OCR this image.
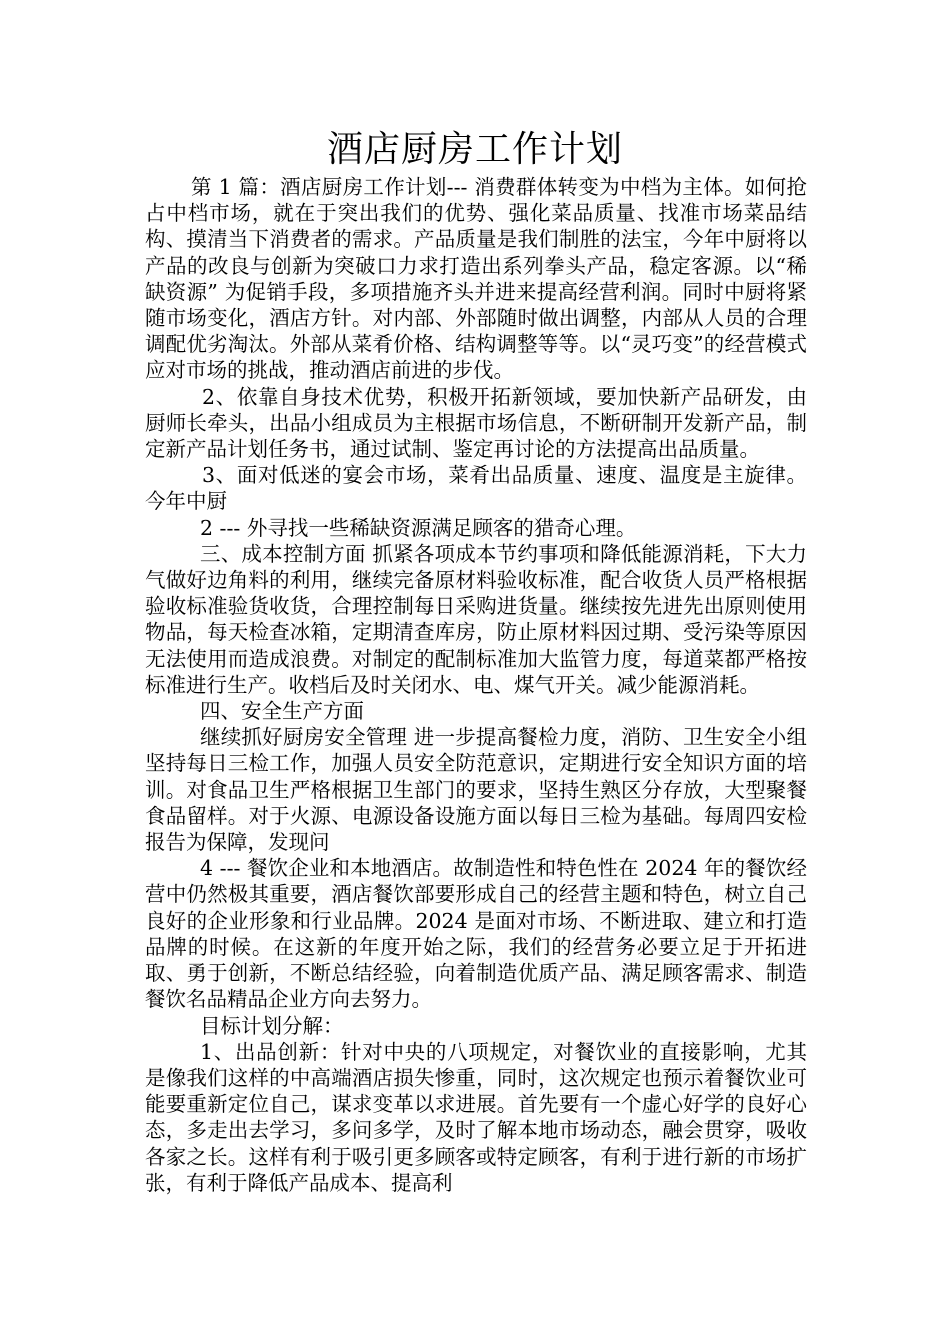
酒店厨房工作计划

第 1 篇：酒店厨房工作计划--- 消费群体转变为中档为主体。如何抢占中档市场，就在于突出我们的优势、强化菜品质量、找准市场菜品结构、摸清当下消费者的需求。产品质量是我们制胜的法宝，今年中厨将以产品的改良与创新为突破口力求打造出系列拳头产品，稳定客源。以“稀缺资源” 为促销手段，多项措施齐头并进来提高经营利润。同时中厨将紧随市场变化，酒店方针。对内部、外部随时做出调整，内部从人员的合理调配优劣淘汰。外部从菜肴价格、结构调整等等。以“灵巧变”的经营模式应对市场的挑战，推动酒店前进的步伐。

2、依靠自身技术优势，积极开拓新领域，要加快新产品研发，由厨师长牵头，出品小组成员为主根据市场信息，不断研制开发新产品，制定新产品计划任务书，通过试制、鉴定再讨论的方法提高出品质量。

3、面对低迷的宴会市场，菜肴出品质量、速度、温度是主旋律。今年中厨

2 --- 外寻找一些稀缺资源满足顾客的猎奇心理。

三、成本控制方面 抓紧各项成本节约事项和降低能源消耗，下大力气做好边角料的利用，继续完备原材料验收标准，配合收货人员严格根据验收标准验货收货，合理控制每日采购进货量。继续按先进先出原则使用物品，每天检查冰箱，定期清查库房，防止原材料因过期、受污染等原因无法使用而造成浪费。对制定的配制标准加大监管力度，每道菜都严格按标准进行生产。收档后及时关闭水、电、煤气开关。减少能源消耗。

四、安全生产方面

继续抓好厨房安全管理 进一步提高餐检力度，消防、卫生安全小组坚持每日三检工作，加强人员安全防范意识，定期进行安全知识方面的培训。对食品卫生严格根据卫生部门的要求，坚持生熟区分存放，大型聚餐食品留样。对于火源、电源设备设施方面以每日三检为基础。每周四安检报告为保障，发现问

4 --- 餐饮企业和本地酒店。故制造性和特色性在 2024 年的餐饮经营中仍然极其重要，酒店餐饮部要形成自己的经营主题和特色，树立自己良好的企业形象和行业品牌。2024 是面对市场、不断进取、建立和打造品牌的时候。在这新的年度开始之际，我们的经营务必要立足于开拓进取、勇于创新，不断总结经验，向着制造优质产品、满足顾客需求、制造餐饮名品精品企业方向去努力。

目标计划分解：

1、出品创新：针对中央的八项规定，对餐饮业的直接影响，尤其是像我们这样的中高端酒店损失惨重，同时，这次规定也预示着餐饮业可能要重新定位自己，谋求变革以求进展。首先要有一个虚心好学的良好心态，多走出去学习，多问多学，及时了解本地市场动态，融会贯穿，吸收各家之长。这样有利于吸引更多顾客或特定顾客，有利于进行新的市场扩张，有利于降低产品成本、提高利
